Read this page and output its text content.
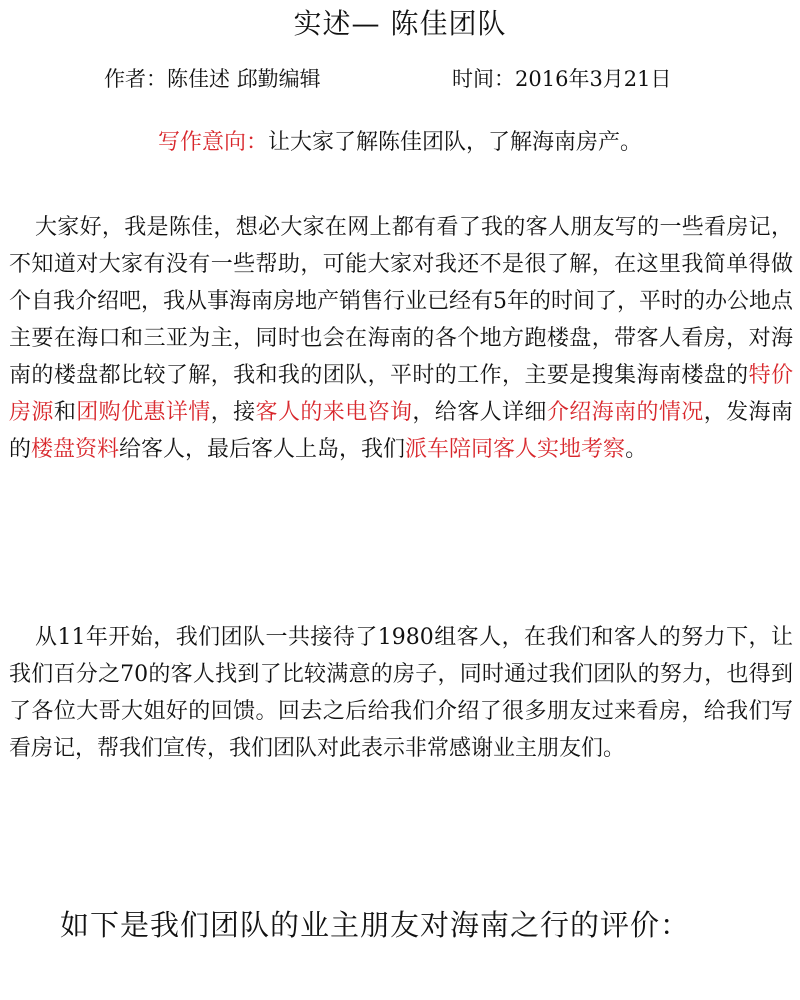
实述— 陈佳团队
作者：陈佳述 邱勤编辑	时间：2016年3月21日
写作意向：让大家了解陈佳团队，了解海南房产。

大家好，我是陈佳，想必大家在网上都有看了我的客人朋友写的一些看房记，不知道对大家有没有一些帮助，可能大家对我还不是很了解，在这里我简单得做个自我介绍吧，我从事海南房地产销售行业已经有5年的时间了，平时的办公地点主要在海口和三亚为主，同时也会在海南的各个地方跑楼盘，带客人看房，对海南的楼盘都比较了解，我和我的团队，平时的工作，主要是搜集海南楼盘的特价房源和团购优惠详情，接客人的来电咨询，给客人详细介绍海南的情况，发海南的楼盘资料给客人，最后客人上岛，我们派车陪同客人实地考察。

从11年开始，我们团队一共接待了1980组客人，在我们和客人的努力下，让我们百分之70的客人找到了比较满意的房子，同时通过我们团队的努力，也得到了各位大哥大姐好的回馈。回去之后给我们介绍了很多朋友过来看房，给我们写看房记，帮我们宣传，我们团队对此表示非常感谢业主朋友们。

如下是我们团队的业主朋友对海南之行的评价：
